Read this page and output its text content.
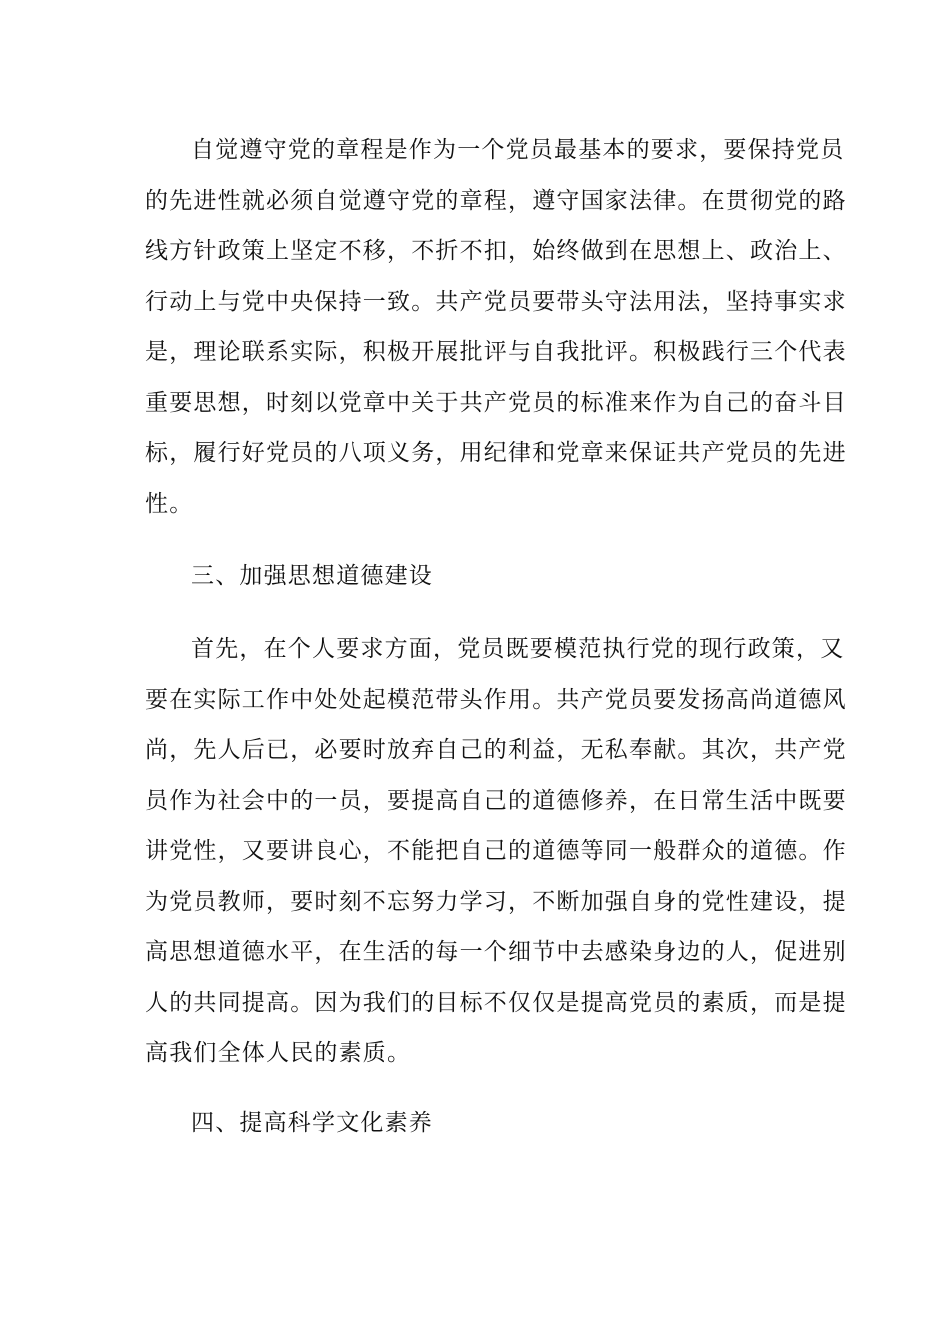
自觉遵守党的章程是作为一个党员最基本的要求，要保持党员
的先进性就必须自觉遵守党的章程，遵守国家法律。在贯彻党的路
线方针政策上坚定不移，不折不扣，始终做到在思想上、政治上、
行动上与党中央保持一致。共产党员要带头守法用法，坚持事实求
是，理论联系实际，积极开展批评与自我批评。积极践行三个代表
重要思想，时刻以党章中关于共产党员的标准来作为自己的奋斗目
标，履行好党员的八项义务，用纪律和党章来保证共产党员的先进
性。
三、加强思想道德建设
首先，在个人要求方面，党员既要模范执行党的现行政策，又
要在实际工作中处处起模范带头作用。共产党员要发扬高尚道德风
尚，先人后已，必要时放弃自己的利益，无私奉献。其次，共产党
员作为社会中的一员，要提高自己的道德修养，在日常生活中既要
讲党性，又要讲良心，不能把自己的道德等同一般群众的道德。作
为党员教师，要时刻不忘努力学习，不断加强自身的党性建设，提
高思想道德水平，在生活的每一个细节中去感染身边的人，促进别
人的共同提高。因为我们的目标不仅仅是提高党员的素质，而是提
高我们全体人民的素质。
四、提高科学文化素养
